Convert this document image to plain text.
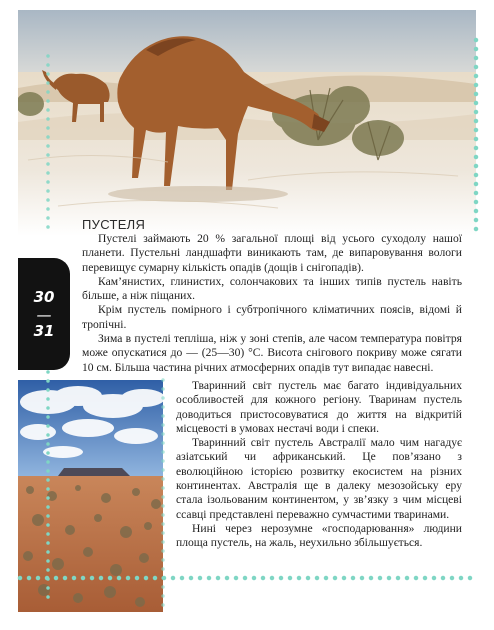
30
—
31
ПУСТЕЛЯ

Пустелі займають 20 % загальної площі від усього суходолу нашої планети. Пустельні ландшафти виникають там, де випаровування вологи перевищує сумарну кількість опадів (дощів і снігопадів).

Кам’янистих, глинистих, солончакових та інших типів пустель навіть більше, а ніж піщаних.

Крім пустель помірного і субтропічного кліматичних поясів, відомі й тропічні.

Зима в пустелі тепліша, ніж у зоні степів, але часом температура повітря може опускатися до — (25—30) °С. Висота снігового покриву може сягати 10 см. Більша частина річних атмосферних опадів тут випадає навесні.

Тваринний світ пустель має багато індивідуальних особливостей для кожного регіону. Тваринам пустель доводиться пристосовуватися до життя на відкритій місцевості в умовах нестачі води і спеки.

Тваринний світ пустель Австралії мало чим нагадує азіатський чи африканський. Це пов’язано з еволюційною історією розвитку екосистем на різних континентах. Австралія ще в далеку мезозойську еру стала ізольованим континентом, у зв’язку з чим місцеві ссавці представлені переважно сумчастими тваринами.

Нині через нерозумне «господарювання» людини площа пустель, на жаль, неухильно збільшується.
